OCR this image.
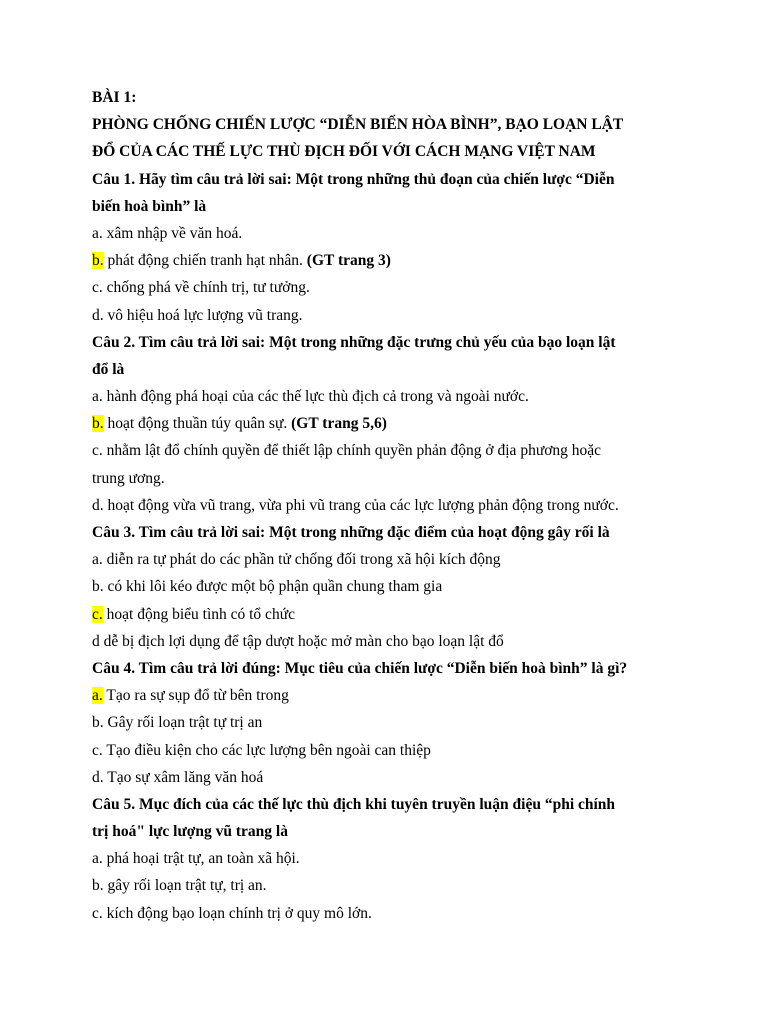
BÀI 1:
PHÒNG CHỐNG CHIẾN LƯỢC “DIỄN BIẾN HÒA BÌNH”, BẠO LOẠN LẬT
ĐỔ CỦA CÁC THẾ LỰC THÙ ĐỊCH ĐỐI VỚI CÁCH MẠNG VIỆT NAM
Câu 1. Hãy tìm câu trả lời sai: Một trong những thủ đoạn của chiến lược “Diễn
biến hoà bình” là
a. xâm nhập về văn hoá.
b. phát động chiến tranh hạt nhân. (GT trang 3)
c. chống phá về chính trị, tư tưởng.
d. vô hiệu hoá lực lượng vũ trang.
Câu 2. Tìm câu trả lời sai: Một trong những đặc trưng chủ yếu của bạo loạn lật
đổ là
a. hành động phá hoại của các thế lực thù địch cả trong và ngoài nước.
b. hoạt động thuần túy quân sự. (GT trang 5,6)
c. nhằm lật đổ chính quyền để thiết lập chính quyền phản động ở địa phương hoặc
trung ương.
d. hoạt động vừa vũ trang, vừa phi vũ trang của các lực lượng phản động trong nước.
Câu 3. Tìm câu trả lời sai: Một trong những đặc điểm của hoạt động gây rối là
a. diễn ra tự phát do các phần tử chống đối trong xã hội kích động
b. có khi lôi kéo được một bộ phận quần chung tham gia
c. hoạt động biểu tình có tổ chức
d dễ bị địch lợi dụng để tập dượt hoặc mở màn cho bạo loạn lật đổ
Câu 4. Tìm câu trả lời đúng: Mục tiêu của chiến lược “Diễn biến hoà bình” là gì?
a. Tạo ra sự sụp đổ từ bên trong
b. Gây rối loạn trật tự trị an
c. Tạo điều kiện cho các lực lượng bên ngoài can thiệp
d. Tạo sự xâm lăng văn hoá
Câu 5. Mục đích của các thế lực thù địch khi tuyên truyền luận điệu “phi chính
trị hoá" lực lượng vũ trang là
a. phá hoại trật tự, an toàn xã hội.
b. gây rối loạn trật tự, trị an.
c. kích động bạo loạn chính trị ở quy mô lớn.
